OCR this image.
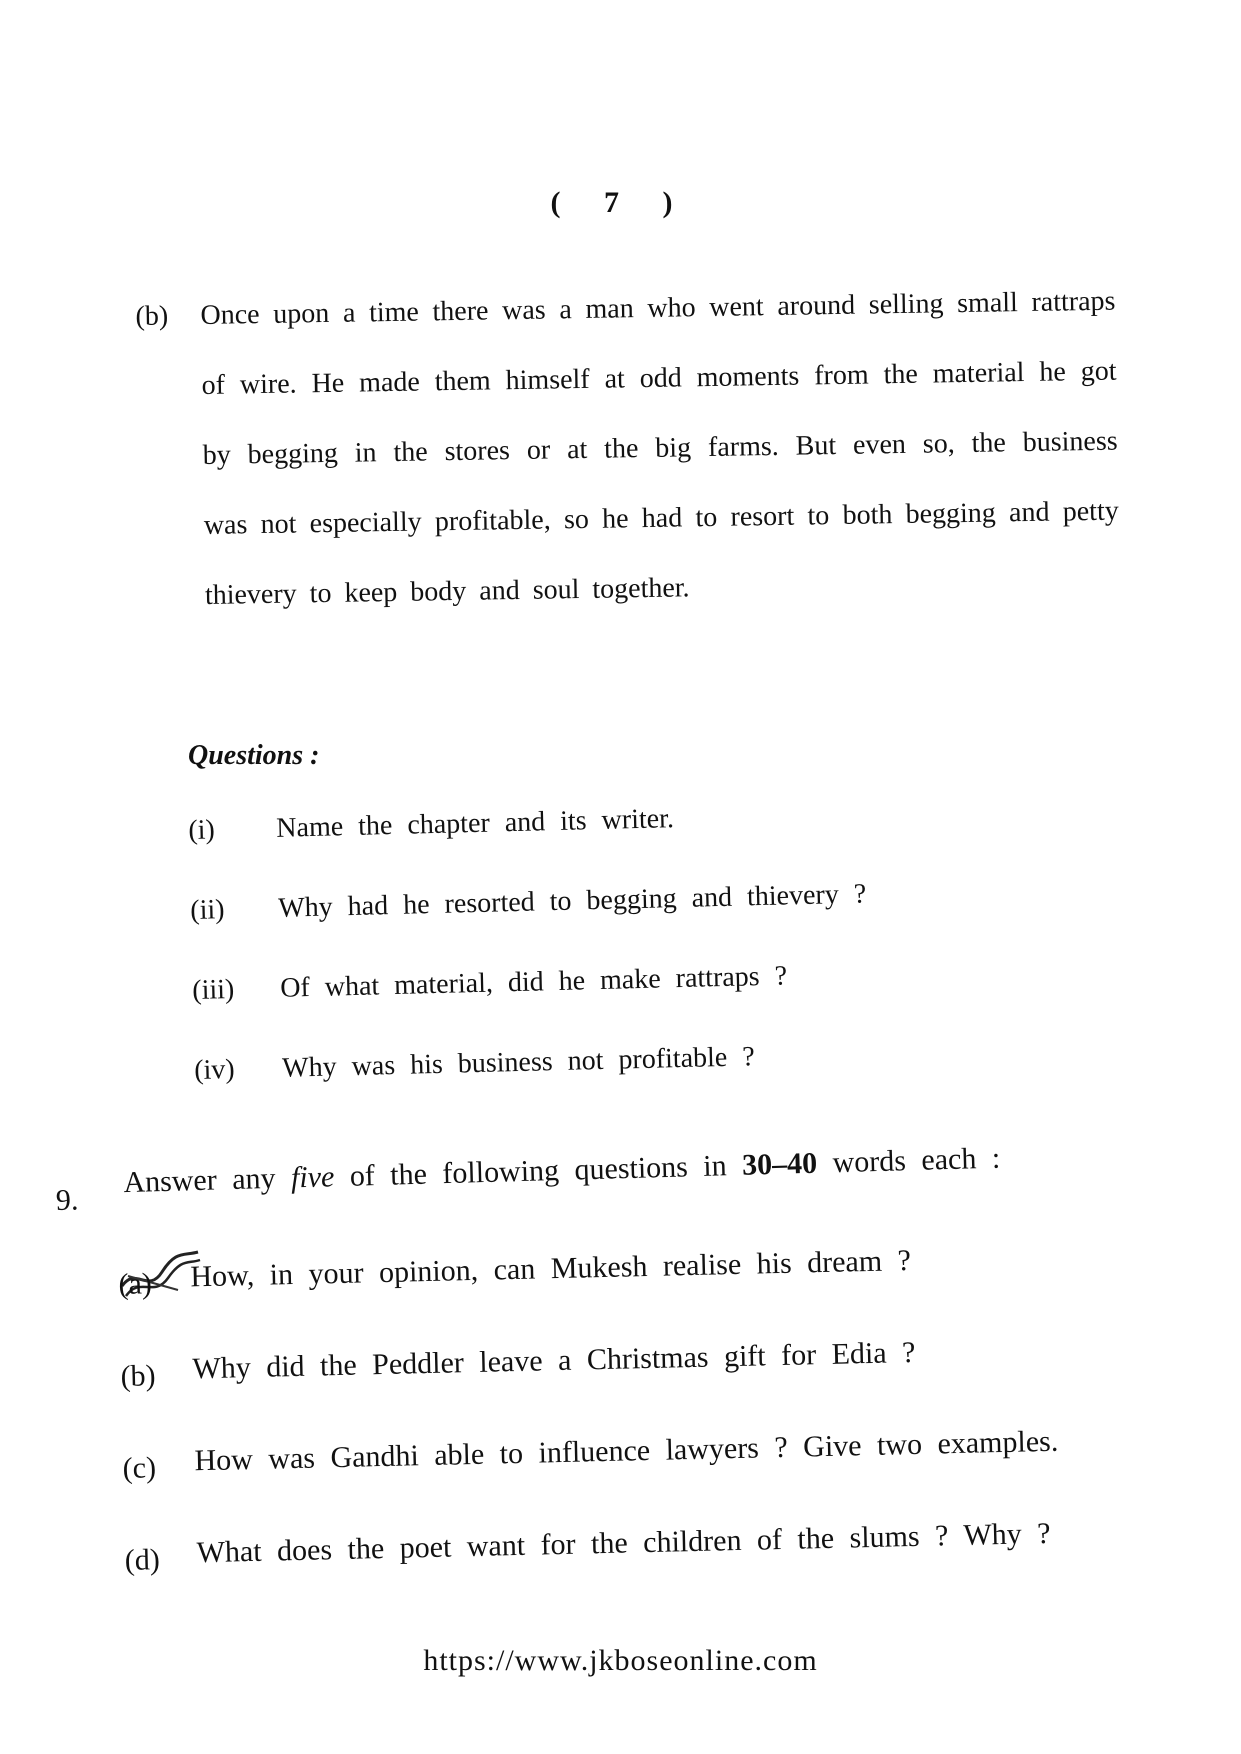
( 7 )
(b) Once upon a time there was a man who went around selling small rattraps of wire. He made them himself at odd moments from the material he got by begging in the stores or at the big farms. But even so, the business was not especially profitable, so he had to resort to both begging and petty thievery to keep body and soul together.
Questions :
(i) Name the chapter and its writer.
(ii) Why had he resorted to begging and thievery ?
(iii) Of what material, did he make rattraps ?
(iv) Why was his business not profitable ?
9.
Answer any five of the following questions in 30–40 words each :
(a) How, in your opinion, can Mukesh realise his dream ?
(b) Why did the Peddler leave a Christmas gift for Edia ?
(c) How was Gandhi able to influence lawyers ? Give two examples.
(d) What does the poet want for the children of the slums ? Why ?
https://www.jkboseonline.com
